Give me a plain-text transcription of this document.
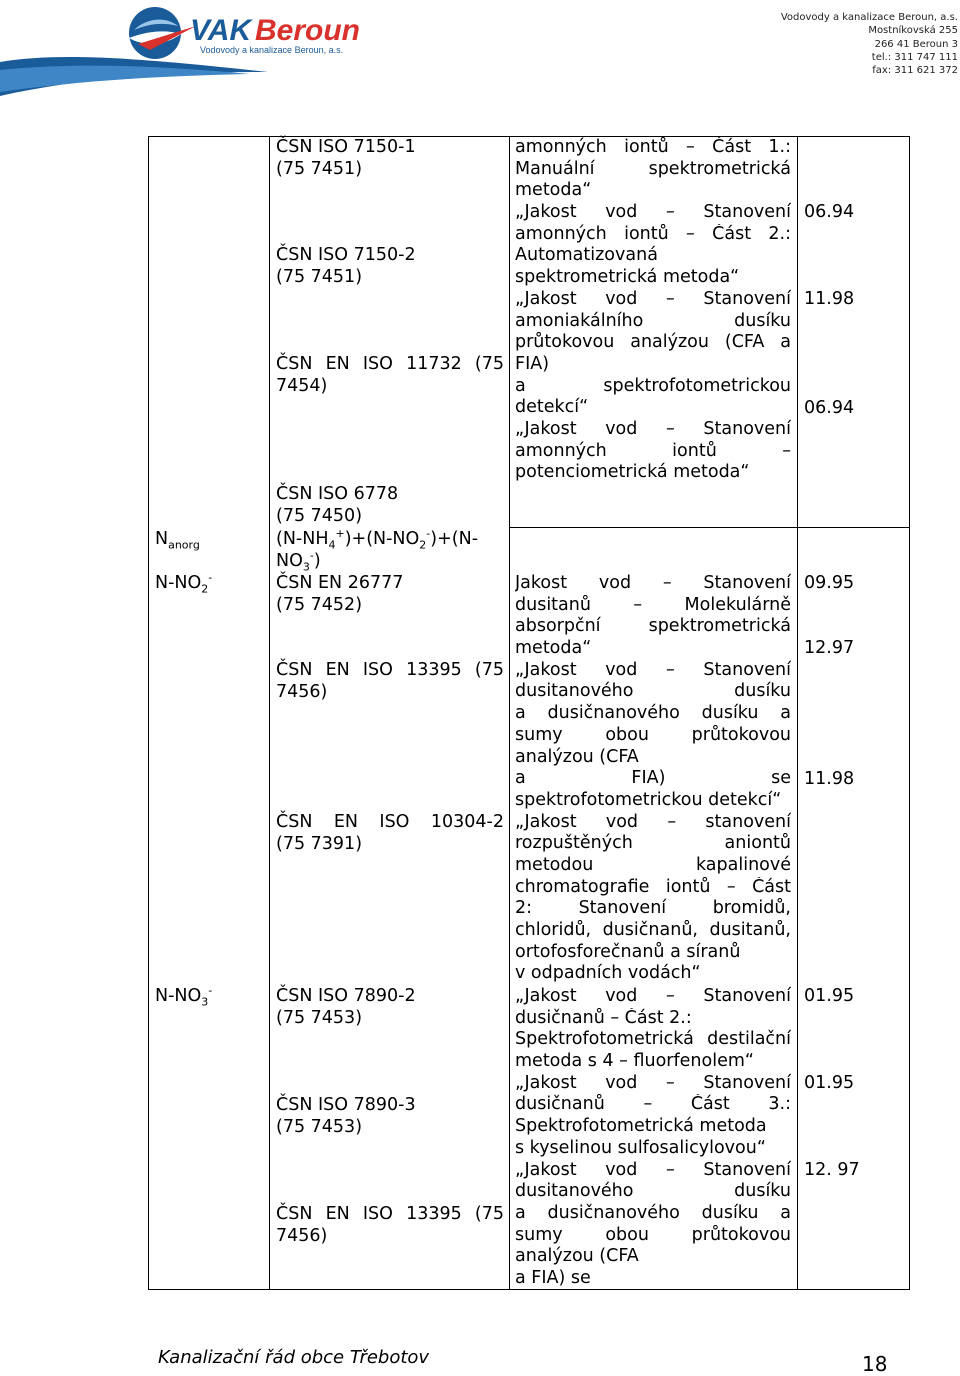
VAK Beroun
Vodovody a kanalizace Beroun, a.s.
Vodovody a kanalizace Beroun, a.s.
Mostníkovská 255
266 41 Beroun 3
tel.: 311 747 111
fax: 311 621 372
$N_{anorg}$
$N-NO_2^-$
$N-NO_3^-$
ČSN ISO 7150-1
(75 7451)
ČSN ISO 7150-2
(75 7451)
ČSN EN ISO 11732 (75
7454)
ČSN ISO 6778
(75 7450)
$(N-NH_4^+)+(N-NO_2^-)+(N-$
$NO_3^-$)
ČSN EN 26777
(75 7452)
ČSN EN ISO 13395 (75
7456)
ČSN EN ISO 10304-2
(75 7391)
ČSN ISO 7890-2
(75 7453)
ČSN ISO 7890-3
(75 7453)
ČSN EN ISO 13395 (75
7456)
amonných iontů – Část 1.:
Manuální spektrometrická
metoda“
„Jakost vod – Stanovení
amonných iontů – Část 2.:
Automatizovaná
spektrometrická metoda“
„Jakost vod – Stanovení
amoniakálního dusíku
průtokovou analýzou (CFA a
FIA)
a spektrofotometrickou
detekcí“
„Jakost vod – Stanovení
amonných iontů –
potenciometrická metoda“
Jakost vod – Stanovení
dusitanů – Molekulárně
absorpční spektrometrická
metoda“
„Jakost vod – Stanovení
dusitanového dusíku
a dusičnanového dusíku a
sumy obou průtokovou
analýzou (CFA
a FIA) se
spektrofotometrickou detekcí“
„Jakost vod – stanovení
rozpuštěných aniontů
metodou kapalinové
chromatografie iontů – Část
2: Stanovení bromidů,
chloridů, dusičnanů, dusitanů,
ortofosforečnanů a síranů
v odpadních vodách“
„Jakost vod – Stanovení
dusičnanů – Část 2.:
Spektrofotometrická destilační
metoda s 4 – fluorfenolem“
„Jakost vod – Stanovení
dusičnanů – Část 3.:
Spektrofotometrická metoda
s kyselinou sulfosalicylovou“
„Jakost vod – Stanovení
dusitanového dusíku
a dusičnanového dusíku a
sumy obou průtokovou
analýzou (CFA
a FIA) se
06.94
11.98
06.94
09.95
12.97
11.98
01.95
01.95
12. 97
Kanalizační řád obce Třebotov	18
